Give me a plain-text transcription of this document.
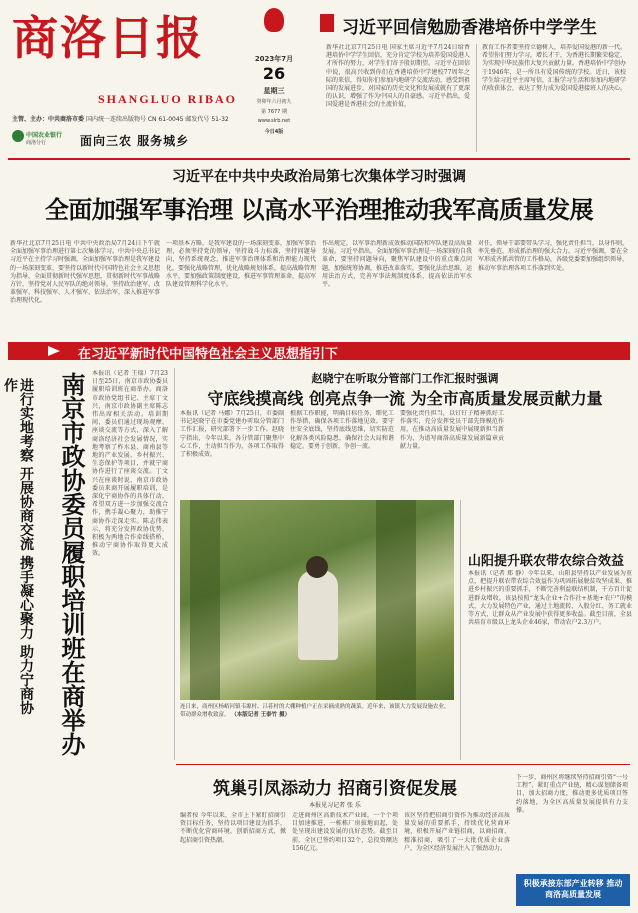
商洛日报
SHANGLUO RIBAO
主管、主办：中共商洛市委 国内统一连续出版物号 CN 61-0045 邮发代号 51-32
中国农业银行
商洛分行	面向三农 服务城乡
2023年7月
26
星期三
癸卯年六月初九
第 7677 期
www.slrb.net
今日4版
习近平回信勉励香港培侨中学学生
新华社北京7月25日电 国家主席习近平7月24日给香港培侨中学学生回信，充分肯定学校为培养爱国爱港人才所作的努力，对学生们寄予殷切期望。习近平在回信中说，很高兴收到你们在香港培侨中学建校77周年之际的来信，得知你们参加内地研学交流活动，感受到祖国的发展进步，对国家的历史文化和发展成就有了更深的认识，增强了作为中国人的自豪感。习近平指出，爱国爱港是香港社会的主流价值，
教育工作者要坚持立德树人，培养爱国爱港的新一代。希望你们努力学习，增长才干，为香港长期繁荣稳定、为实现中华民族伟大复兴贡献力量。香港培侨中学创办于1946年，是一所具有爱国传统的学校。近日，该校学生给习近平主席写信，汇报学习生活和参加内地研学的收获体会，表达了努力成为爱国爱港接班人的决心。
习近平在中共中央政治局第七次集体学习时强调
全面加强军事治理 以高水平治理推动我军高质量发展
新华社北京7月25日电 中共中央政治局7月24日下午就全面加强军事治理进行第七次集体学习。中共中央总书记习近平在主持学习时强调，全面加强军事治理是我军建设的一场深刻变革，要坚持以新时代中国特色社会主义思想为指导，全面贯彻新时代强军思想，贯彻新时代军事战略方针，坚持党对人民军队的绝对领导，坚持政治建军、改革强军、科技强军、人才强军、依法治军，深入推进军事治理现代化。
一项基本方略，是我军建设的一场深刻变革，加强军事治理，必须坚持党的领导，坚持战斗力标准，坚持问题导向，坚持系统观念，推进军事治理体系和治理能力现代化。要强化战略管理，优化战略规划体系，提高战略管理水平，要加强政策制度建设，推进军事管理革命，提高军队建设管理科学化水平。
作出规定，以军事治理新成效推动国防和军队建设高质量发展。习近平指出，全面加强军事治理是一场深刻的自我革命，要坚持问题导向，聚焦军队建设中的重点难点问题，加强统筹协调，推进改革落实，要强化法治思维，运用法治方式，完善军事法规制度体系，提高依法治军水平。
对任，领导干部要带头学习，强化责任担当，以身作则，率先垂范，形成抓治理的强大合力。习近平强调，要在全军形成齐抓共管的工作格局，各级党委要加强组织领导，推动军事治理各项工作落到实处。
在习近平新时代中国特色社会主义思想指引下
进行实地考察 开展协商交流 携手凝心聚力 助力宁商协作	南京市政协委员履职培训班在商举办 本报讯（记者 王瑞）7月23日至25日，南京市政协委员履职培训班在商举办。商洛市政协党组书记、主席丁文兴，南京市政协副主席陈志伟出席相关活动。培训期间，委员们通过现场观摩、座谈交流等方式，深入了解商洛经济社会发展情况，实地考察了柞水县、商南县等地的产业发展、乡村振兴、生态保护等项目，并就宁商协作进行了座谈交流。丁文兴在座谈时说，南京市政协委员来商开展履职培训，是深化宁商协作的具体行动，希望双方进一步加强交流合作，携手凝心聚力，助推宁商协作走深走实。陈志伟表示，将充分发挥政协优势，积极为两地合作牵线搭桥，推动宁商协作取得更大成效。
赵晓宁在听取分管部门工作汇报时强调
守底线摸高线 创亮点争一流 为全市高质量发展贡献力量
本报讯（记者 马娜）7月25日，市委副书记赵晓宁在市委党建办听取分管部门工作汇报，研究部署下一步工作。赵晓宁指出，今年以来，各分管部门聚焦中心工作，主动担当作为，各项工作取得了积极成效。
根据工作职能，明确目标任务，细化工作举措，确保各项工作落地见效。要守住安全底线，坚持底线思维，切实防范化解各类风险隐患，确保社会大局和谐稳定。要勇于创新，争创一流。
要强化责任担当，以钉钉子精神抓好工作落实，充分发挥党员干部先锋模范作用，在推动高质量发展中展现新担当新作为，为谱写商洛高质量发展新篇章贡献力量。
连日来，商州区杨峪河镇韦塬村、吕荪村的大棚种植户正在采摘成熟的蔬菜。近年来，该镇大力发展设施农业，带动群众增收致富。 （本版记者 王泰竹 摄）
山阳提升联农带农综合效益
本报讯（记者 郑 静）今年以来，山阳县坚持以产业发展为重点，把提升联农带农综合效益作为巩固拓展脱贫攻坚成果、推进乡村振兴的重要抓手，不断完善利益联结机制，千方百计促进群众增收。该县按照“龙头企业+合作社+基地+农户”的模式，大力发展特色产业，通过土地流转、入股分红、务工就业等方式，让群众从产业发展中获得更多收益。截至目前，全县共培育市级以上龙头企业46家，带动农户2.3万户。
筑巢引凤添动力 招商引资促发展
本报见习记者 张 乐
编者按 今年以来，全市上下紧盯招商引资目标任务，坚持以项目建设为抓手，不断优化营商环境，创新招商方式，掀起招商引资热潮。
走进商州区高新技术产业园，一个个项目加速推进，一栋栋厂房拔地而起，处处呈现出建设发展的良好态势。截至目前，全区已签约项目32个，总投资额达156亿元。
该区坚持把招商引资作为推动经济高质量发展的重要抓手，持续优化营商环境，积极开展产业链招商，以商招商、精准招商，吸引了一大批优质企业落户，为全区经济发展注入了强劲动力。
下一步，商州区将继续坚持招商引资“一号工程”，紧盯重点产业链，精心谋划储备项目，加大招商力度，推动更多优质项目签约落地，为全区高质量发展提供有力支撑。
积极承接东部产业转移 推动商洛高质量发展
